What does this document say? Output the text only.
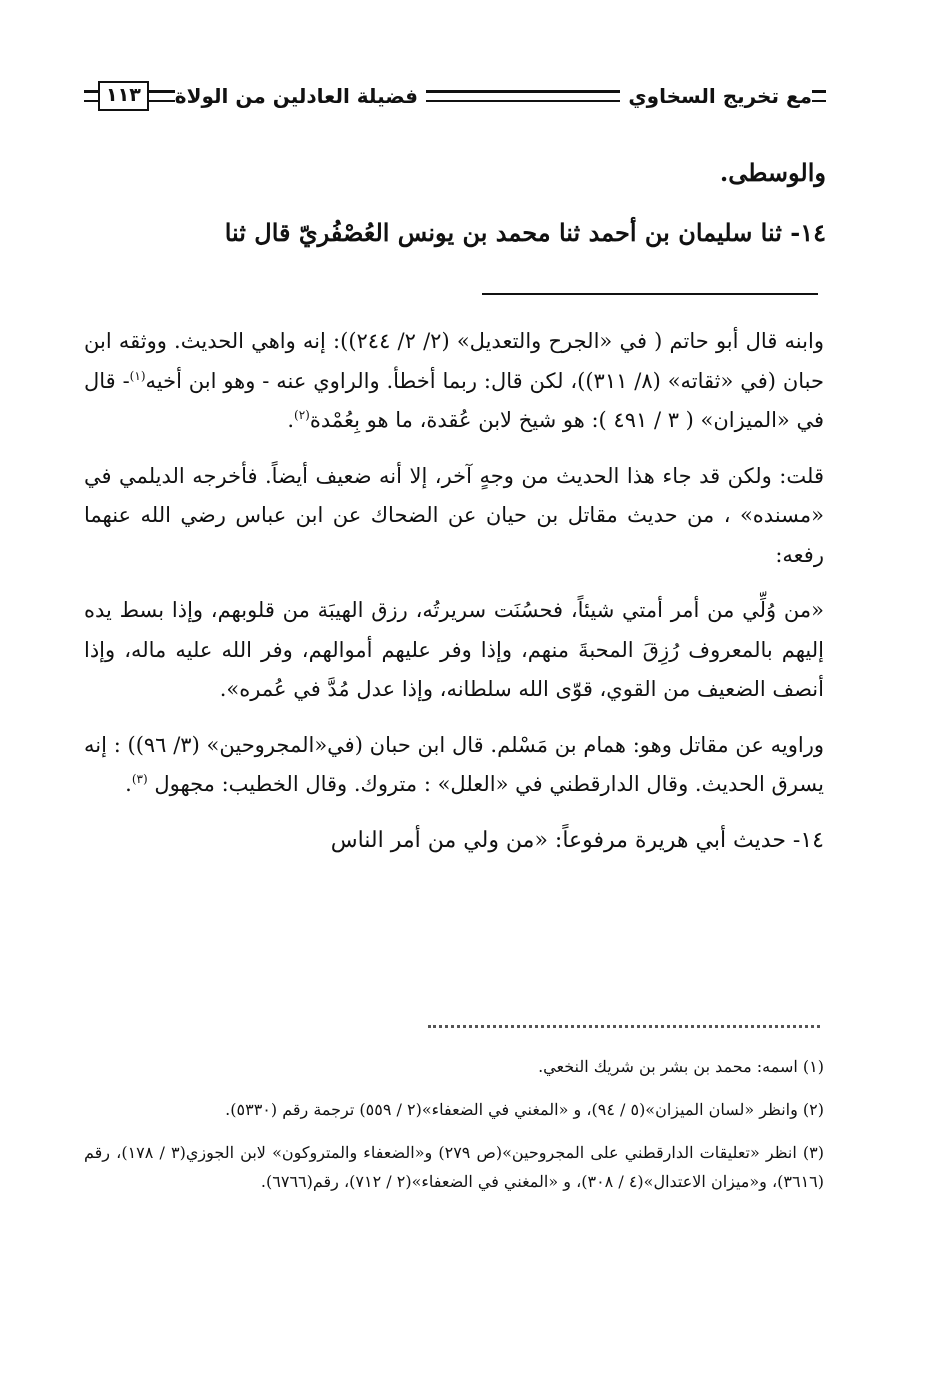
مع تخريج السخاوي
فضيلة العادلين من الولاة
١١٣

والوسطى.

١٤- ثنا سليمان بن أحمد ثنا محمد بن يونس العُصْفُريّ قال ثنا

وابنه قال أبو حاتم ( في «الجرح والتعديل» (٢/ ٢/ ٢٤٤)): إنه واهي الحديث. ووثقه ابن حبان (في «ثقاته» (٨/ ٣١١))، لكن قال: ربما أخطأ. والراوي عنه - وهو ابن أخيه$^{(١)}$- قال في «الميزان» ( ٣ / ٤٩١ ): هو شيخ لابن عُقدة، ما هو بِعُمْدة$^{(٢)}$.

قلت: ولكن قد جاء هذا الحديث من وجهٍ آخر، إلا أنه ضعيف أيضاً. فأخرجه الديلمي في «مسنده» ، من حديث مقاتل بن حيان عن الضحاك عن ابن عباس رضي الله عنهما رفعه:

«من وُلِّي من أمر أمتي شيئاً، فحسُنَت سريرتُه، رزق الهيبَة من قلوبهم، وإذا بسط يده إليهم بالمعروف رُزِقَ المحبةَ منهم، وإذا وفر عليهم أموالهم، وفر الله عليه ماله، وإذا أنصف الضعيف من القوي، قوّى الله سلطانه، وإذا عدل مُدَّ في عُمره».

وراويه عن مقاتل وهو: همام بن مَسْلم. قال ابن حبان (في«المجروحين» (٣/ ٩٦)) : إنه يسرق الحديث. وقال الدارقطني في «العلل» : متروك. وقال الخطيب: مجهول $^{(٣)}$.

١٤- حديث أبي هريرة مرفوعاً: «من ولي من أمر الناس

(١) اسمه: محمد بن بشر بن شريك النخعي.

(٢) وانظر «لسان الميزان»(٥ / ٩٤)، و «المغني في الضعفاء»(٢ / ٥٥٩) ترجمة رقم (٥٣٣٠).

(٣) انظر «تعليقات الدارقطني على المجروحين»(ص ٢٧٩) و«الضعفاء والمتروكون» لابن الجوزي(٣ / ١٧٨)، رقم (٣٦١٦)، و«ميزان الاعتدال»(٤ / ٣٠٨)، و «المغني في الضعفاء»(٢ / ٧١٢)، رقم(٦٧٦٦).
